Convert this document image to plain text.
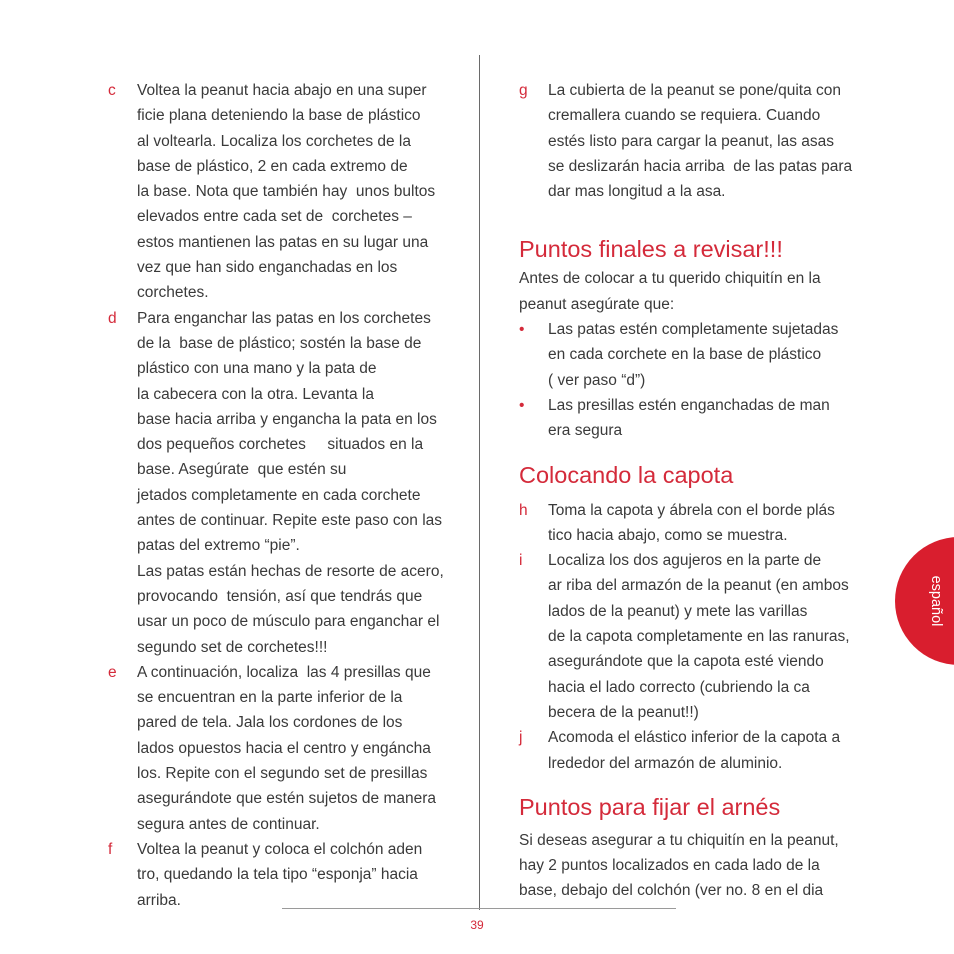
c	Voltea la peanut hacia abajo en una super
ficie plana deteniendo la base de plástico
al voltearla. Localiza los corchetes de la
base de plástico, 2 en cada extremo de
la base. Nota que también hay  unos bultos
elevados entre cada set de  corchetes –
estos mantienen las patas en su lugar una
vez que han sido enganchadas en los
corchetes.
d	Para enganchar las patas en los corchetes
de la  base de plástico; sostén la base de
plástico con una mano y la pata de
la cabecera con la otra. Levanta la
base hacia arriba y engancha la pata en los
dos pequeños corchetes     situados en la
base. Asegúrate  que estén su
jetados completamente en cada corchete
antes de continuar. Repite este paso con las
patas del extremo “pie”.
Las patas están hechas de resorte de acero,
provocando  tensión, así que tendrás que
usar un poco de músculo para enganchar el
segundo set de corchetes!!!
e	A continuación, localiza  las 4 presillas que
se encuentran en la parte inferior de la
pared de tela. Jala los cordones de los
lados opuestos hacia el centro y engáncha
los. Repite con el segundo set de presillas
asegurándote que estén sujetos de manera
segura antes de continuar.
f	Voltea la peanut y coloca el colchón aden
tro, quedando la tela tipo “esponja” hacia
arriba.
g	La cubierta de la peanut se pone/quita con
cremallera cuando se requiera. Cuando
estés listo para cargar la peanut, las asas
se deslizarán hacia arriba  de las patas para
dar mas longitud a la asa.
Puntos finales a revisar!!!
Antes de colocar a tu querido chiquitín en la
peanut asegúrate que:
•	Las patas estén completamente sujetadas
en cada corchete en la base de plástico
( ver paso “d”)
•	Las presillas estén enganchadas de man
era segura
Colocando la capota
h	Toma la capota y ábrela con el borde plás
tico hacia abajo, como se muestra.
i	Localiza los dos agujeros en la parte de
ar riba del armazón de la peanut (en ambos
lados de la peanut) y mete las varillas
de la capota completamente en las ranuras,
asegurándote que la capota esté viendo
hacia el lado correcto (cubriendo la ca
becera de la peanut!!)
j	Acomoda el elástico inferior de la capota a
lrededor del armazón de aluminio.
Puntos para fijar el arnés
Si deseas asegurar a tu chiquitín en la peanut,
hay 2 puntos localizados en cada lado de la
base, debajo del colchón (ver no. 8 en el dia
39
español
